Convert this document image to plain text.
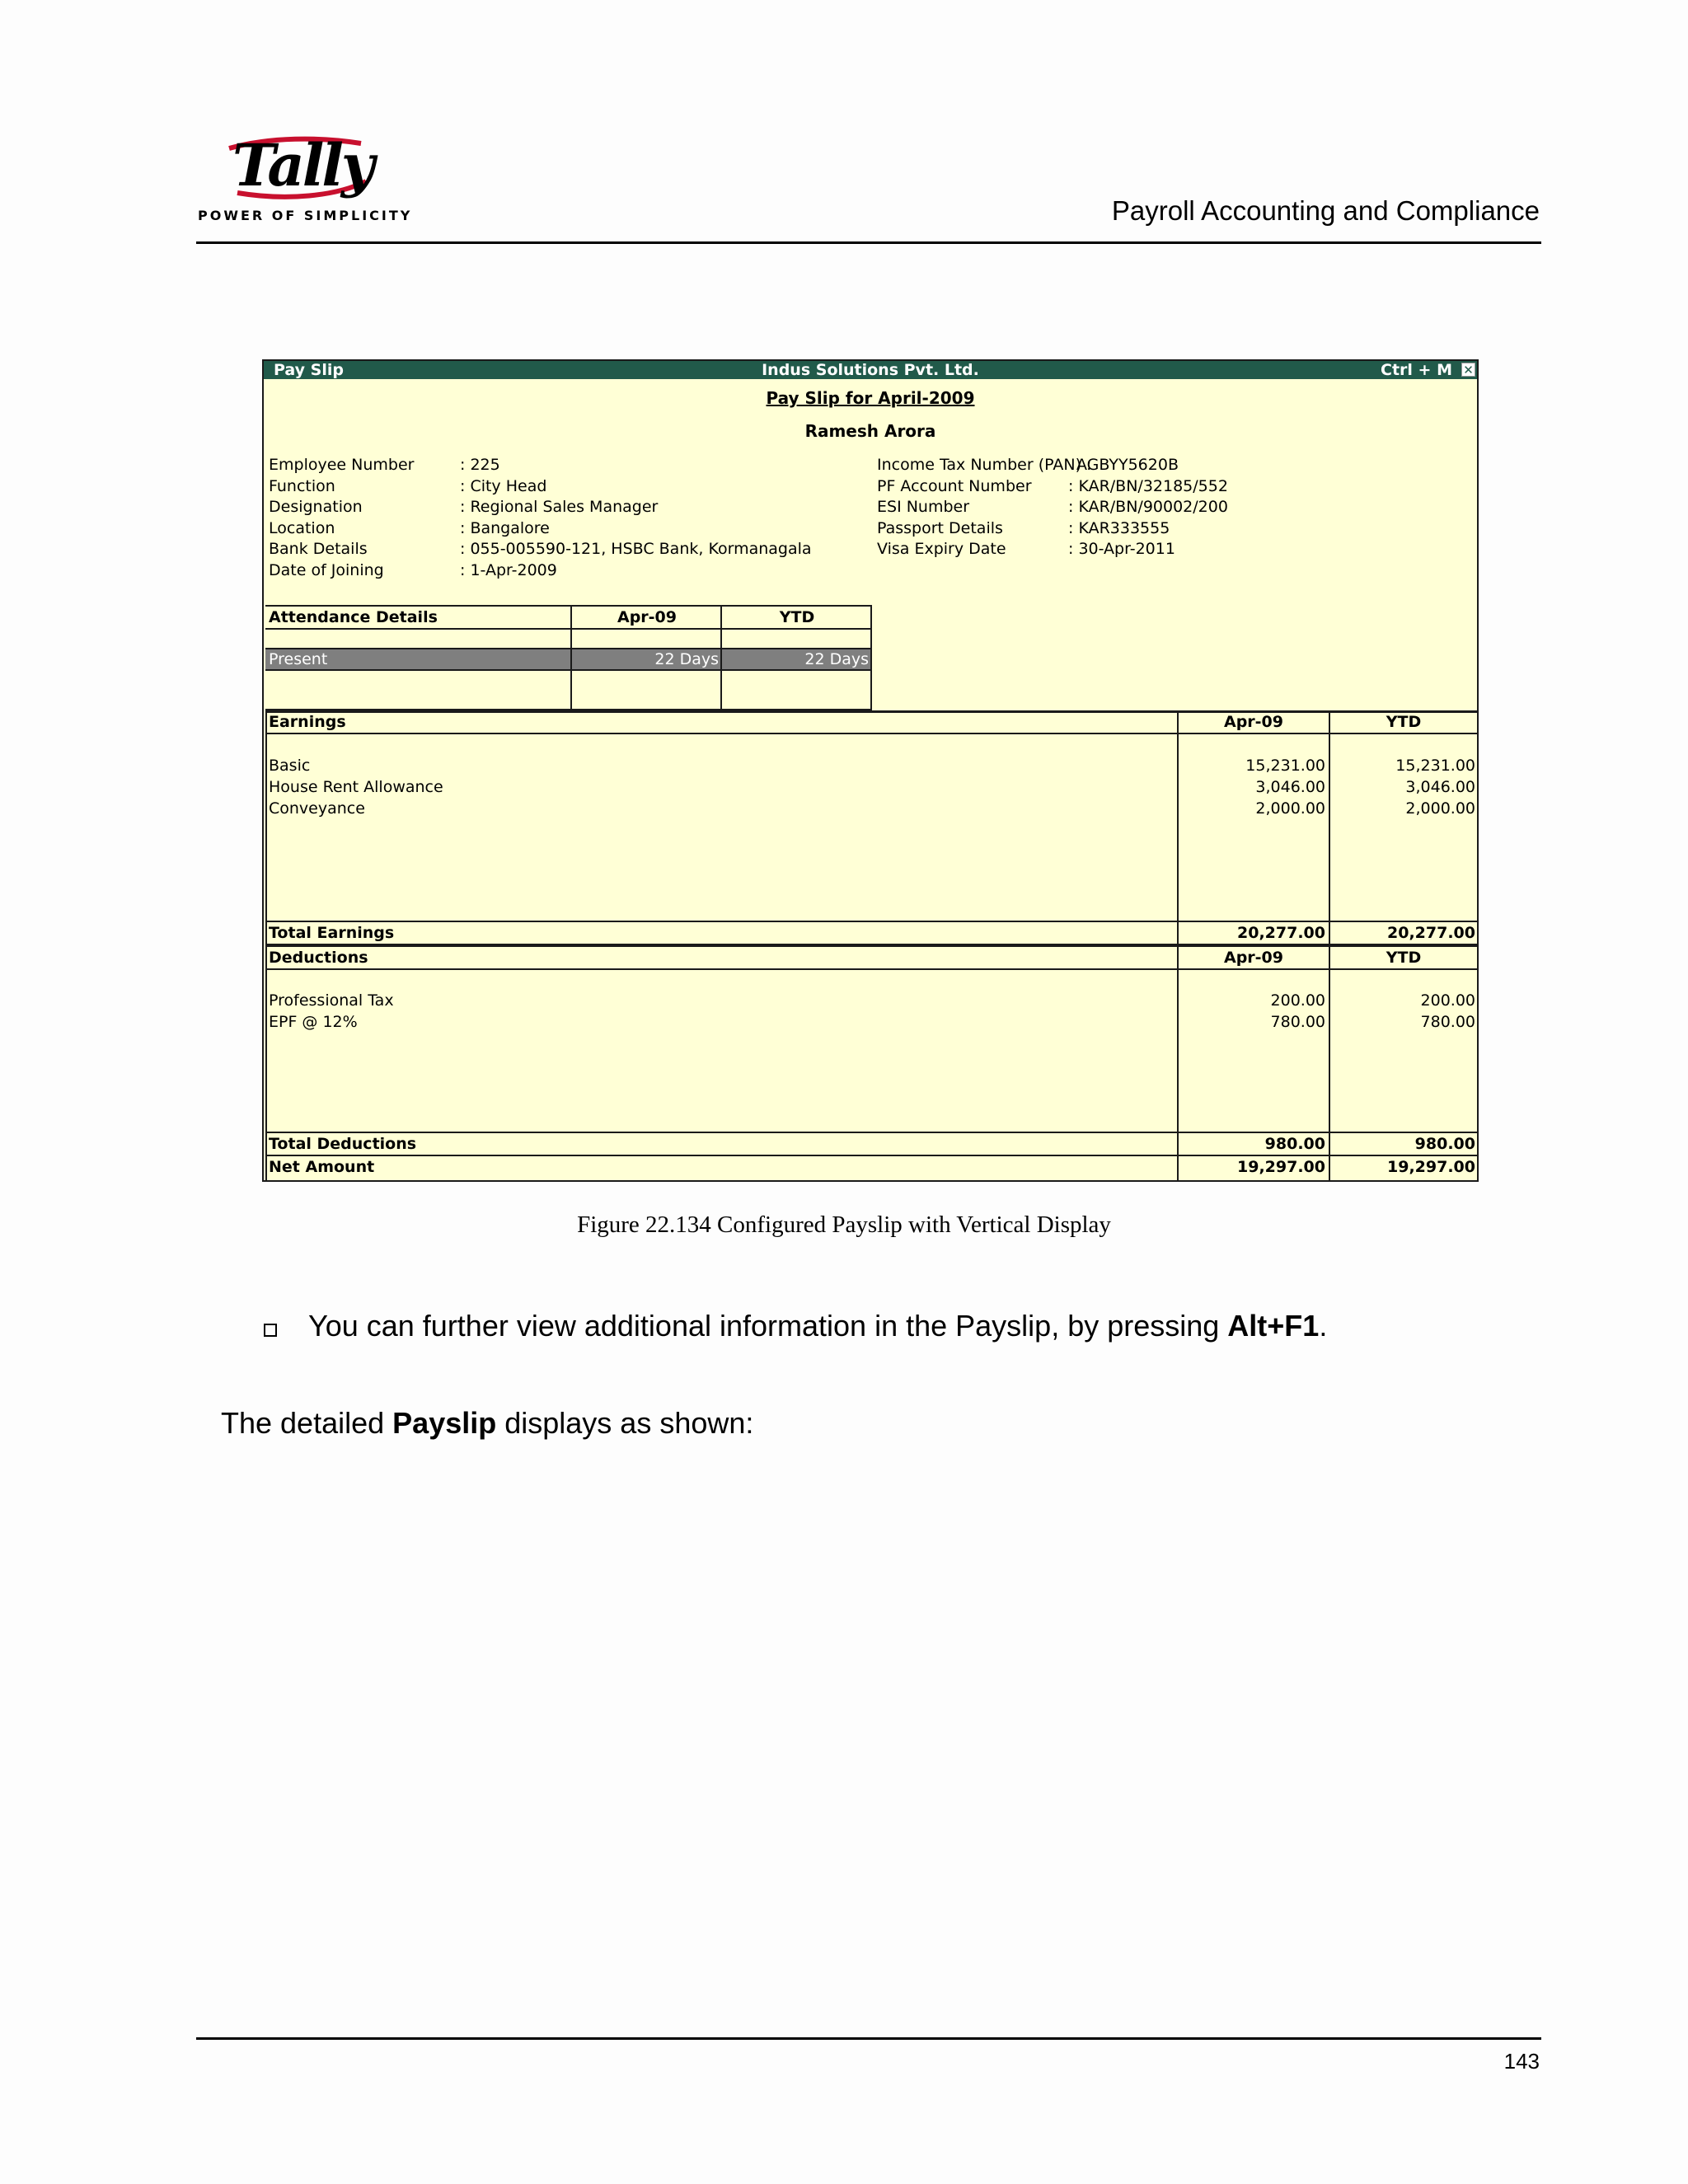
Tally
POWER OF SIMPLICITY	Payroll Accounting and Compliance
Pay Slip	Indus Solutions Pvt. Ltd.	Ctrl + M ✕
Pay Slip for April-2009
Ramesh Arora
Employee Number	: 225
Function	: City Head
Designation	: Regional Sales Manager
Location	: Bangalore
Bank Details	: 055-005590-121, HSBC Bank, Kormanagala
Date of Joining	: 1-Apr-2009
Income Tax Number (PAN) :AGBYY5620B
PF Account Number : KAR/BN/32185/552
ESI Number	: KAR/BN/90002/200
Passport Details	: KAR333555
Visa Expiry Date	: 30-Apr-2011
Attendance Details	Apr-09	YTD
Present	22 Days	22 Days
Earnings	Apr-09	YTD
Basic	15,231.00	15,231.00
House Rent Allowance	3,046.00	3,046.00
Conveyance	2,000.00	2,000.00
Total Earnings	20,277.00	20,277.00
Deductions	Apr-09	YTD
Professional Tax	200.00	200.00
EPF @ 12%	780.00	780.00
Total Deductions	980.00	980.00
Net Amount	19,297.00	19,297.00
Figure 22.134 Configured Payslip with Vertical Display
You can further view additional information in the Payslip, by pressing Alt+F1.
The detailed Payslip displays as shown:
143
